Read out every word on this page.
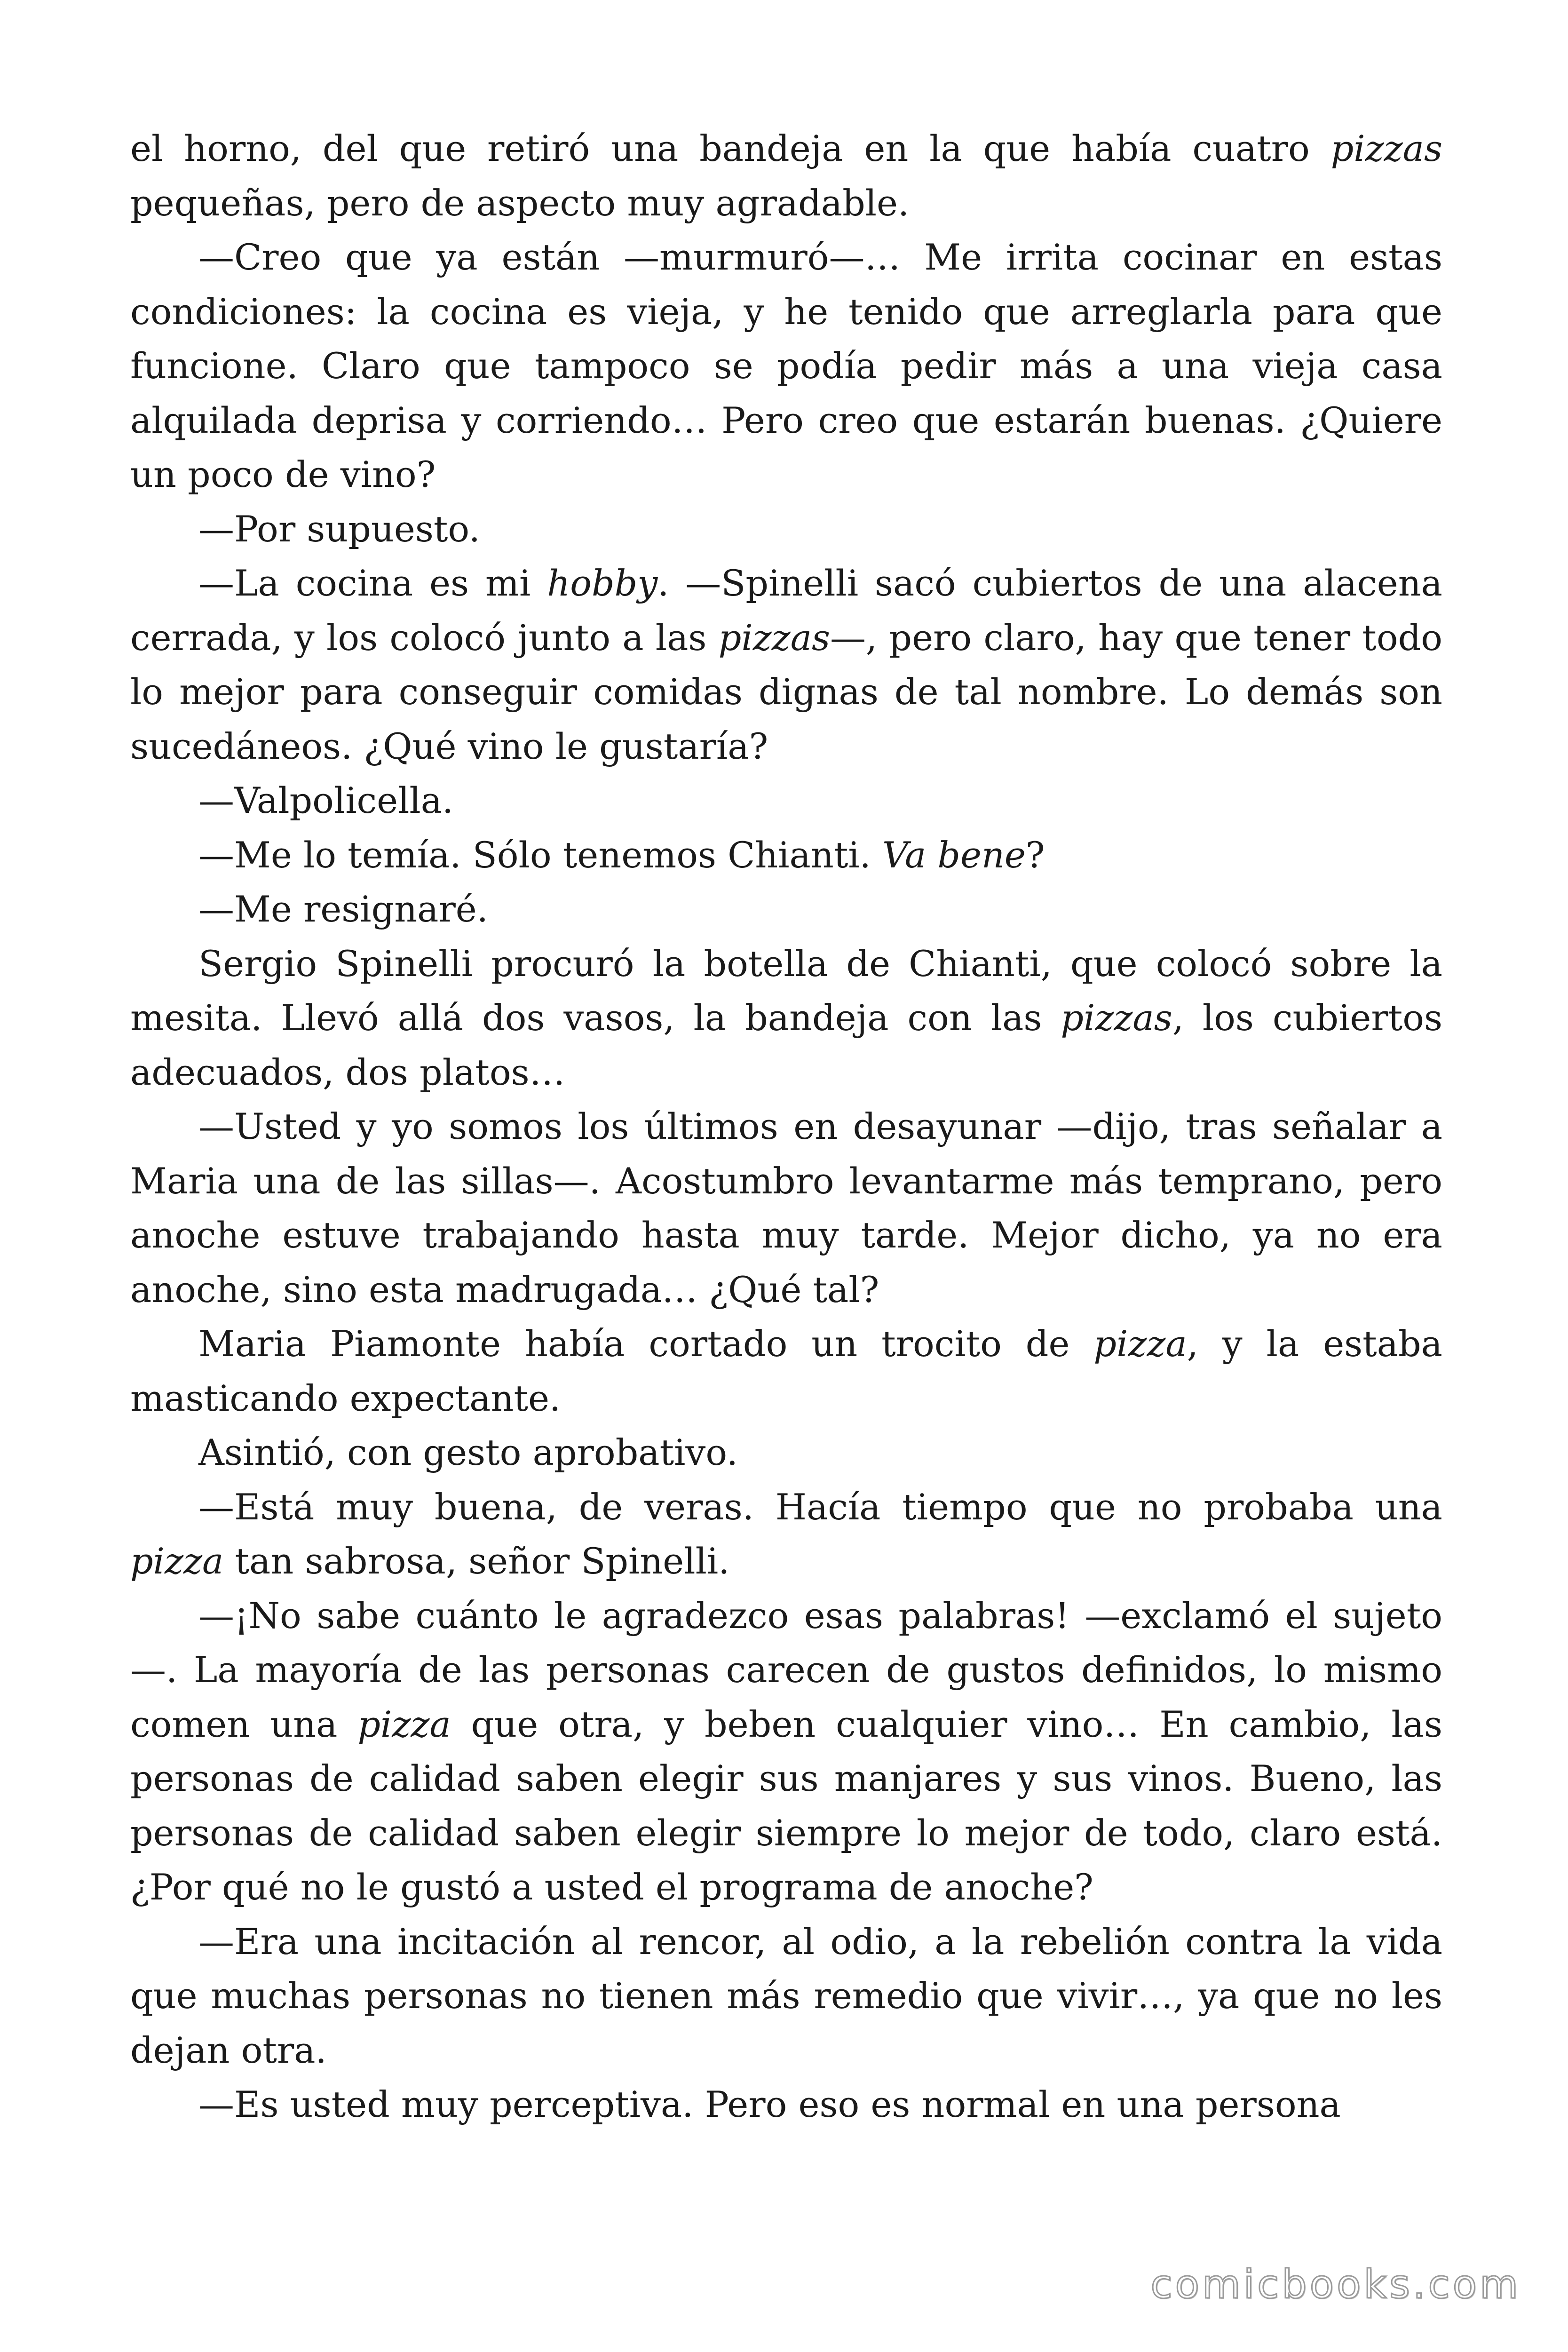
el horno, del que retiró una bandeja en la que había cuatro pizzas pequeñas, pero de aspecto muy agradable.

—Creo que ya están —murmuró—… Me irrita cocinar en estas condiciones: la cocina es vieja, y he tenido que arreglarla para que funcione. Claro que tampoco se podía pedir más a una vieja casa alquilada deprisa y corriendo… Pero creo que estarán buenas. ¿Quiere un poco de vino?

—Por supuesto.

—La cocina es mi hobby. —Spinelli sacó cubiertos de una alacena cerrada, y los colocó junto a las pizzas—, pero claro, hay que tener todo lo mejor para conseguir comidas dignas de tal nombre. Lo demás son sucedáneos. ¿Qué vino le gustaría?

—Valpolicella.

—Me lo temía. Sólo tenemos Chianti. Va bene?

—Me resignaré.

Sergio Spinelli procuró la botella de Chianti, que colocó sobre la mesita. Llevó allá dos vasos, la bandeja con las pizzas, los cubiertos adecuados, dos platos…

—Usted y yo somos los últimos en desayunar —dijo, tras señalar a Maria una de las sillas—. Acostumbro levantarme más temprano, pero anoche estuve trabajando hasta muy tarde. Mejor dicho, ya no era anoche, sino esta madrugada… ¿Qué tal?

Maria Piamonte había cortado un trocito de pizza, y la estaba masticando expectante.

Asintió, con gesto aprobativo.

—Está muy buena, de veras. Hacía tiempo que no probaba una pizza tan sabrosa, señor Spinelli.

—¡No sabe cuánto le agradezco esas palabras! —exclamó el sujeto—. La mayoría de las personas carecen de gustos definidos, lo mismo comen una pizza que otra, y beben cualquier vino… En cambio, las personas de calidad saben elegir sus manjares y sus vinos. Bueno, las personas de calidad saben elegir siempre lo mejor de todo, claro está. ¿Por qué no le gustó a usted el programa de anoche?

—Era una incitación al rencor, al odio, a la rebelión contra la vida que muchas personas no tienen más remedio que vivir…, ya que no les dejan otra.

—Es usted muy perceptiva. Pero eso es normal en una persona

comicbooks.com
